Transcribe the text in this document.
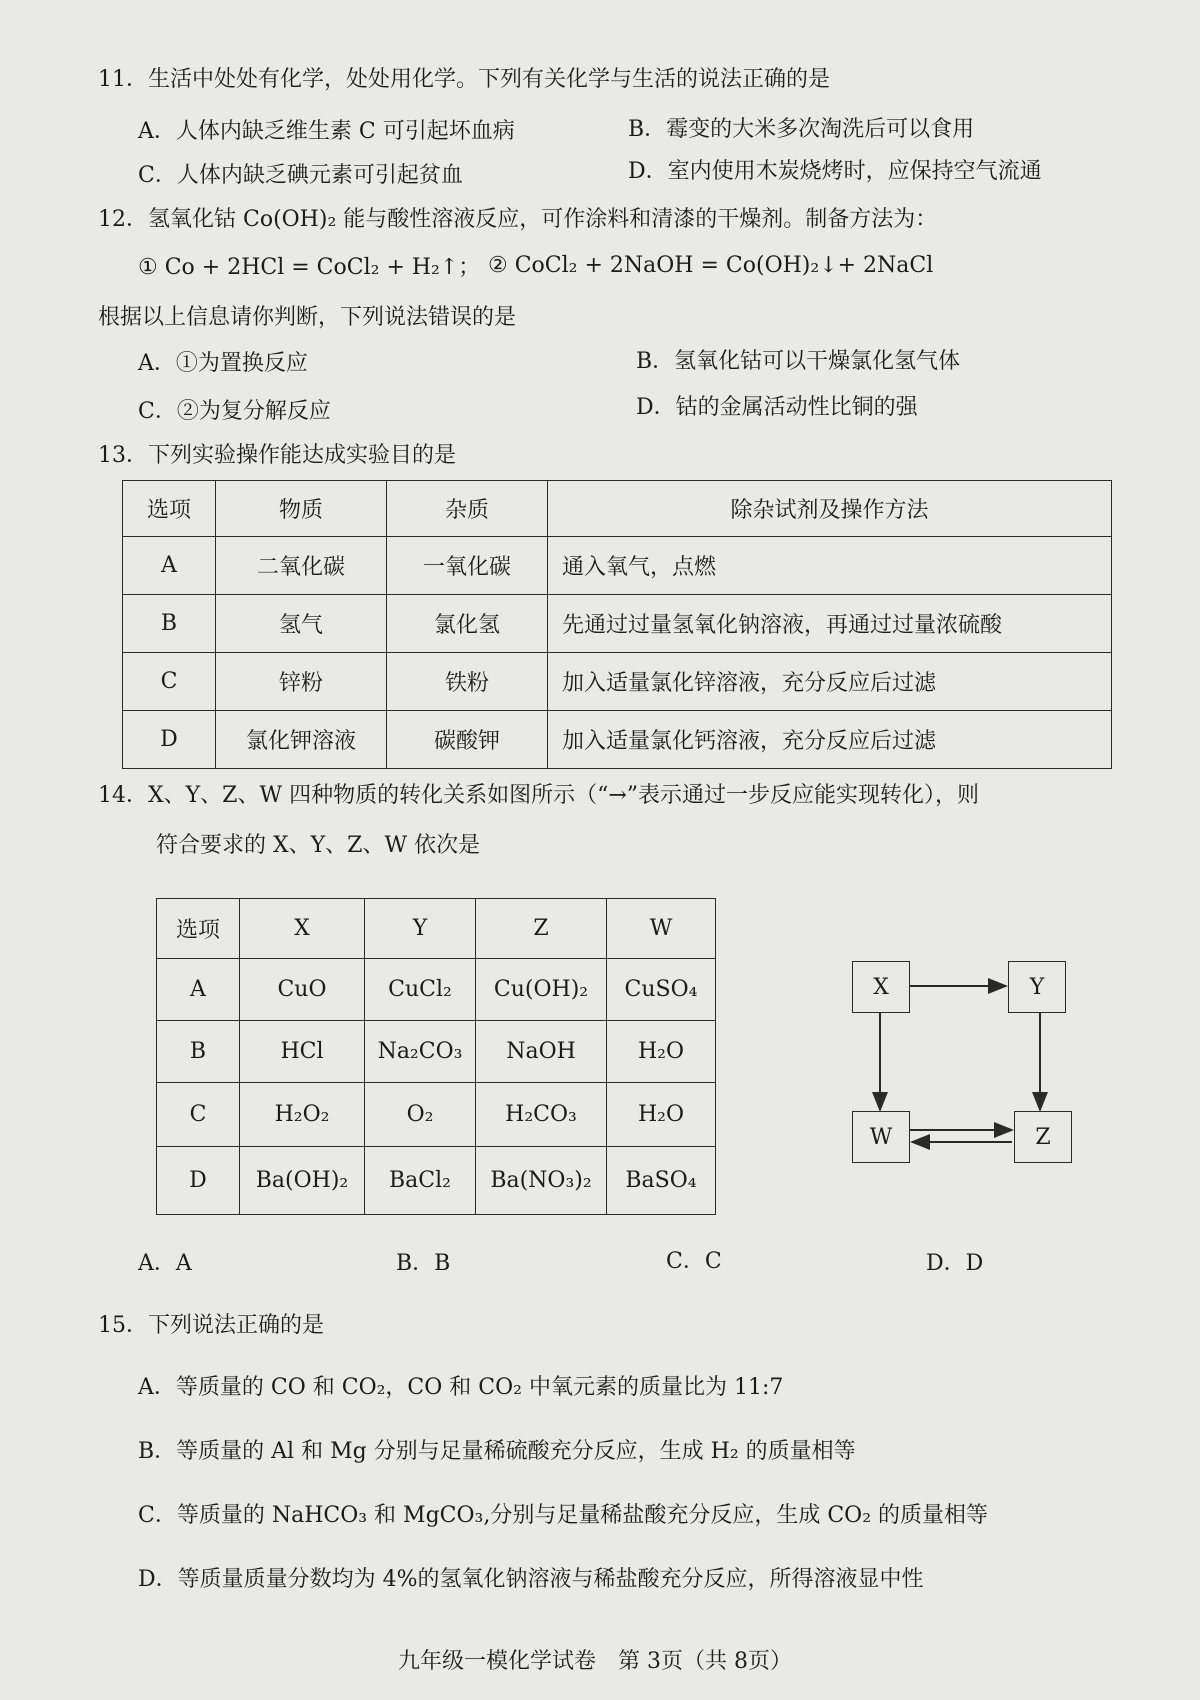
11．生活中处处有化学，处处用化学。下列有关化学与生活的说法正确的是
A．人体内缺乏维生素 C 可引起坏血病	B．霉变的大米多次淘洗后可以食用
C．人体内缺乏碘元素可引起贫血	D．室内使用木炭烧烤时，应保持空气流通
12．氢氧化钴 Co(OH)₂ 能与酸性溶液反应，可作涂料和清漆的干燥剂。制备方法为：
① Co + 2HCl = CoCl₂ + H₂↑； ② CoCl₂ + 2NaOH = Co(OH)₂↓+ 2NaCl
根据以上信息请你判断，下列说法错误的是
A．①为置换反应	B．氢氧化钴可以干燥氯化氢气体
C．②为复分解反应	D．钴的金属活动性比铜的强
13．下列实验操作能达成实验目的是
选项	物质	杂质	除杂试剂及操作方法
A	二氧化碳	一氧化碳	通入氧气，点燃
B	氢气	氯化氢	先通过过量氢氧化钠溶液，再通过过量浓硫酸
C	锌粉	铁粉	加入适量氯化锌溶液，充分反应后过滤
D	氯化钾溶液	碳酸钾	加入适量氯化钙溶液，充分反应后过滤
14．X、Y、Z、W 四种物质的转化关系如图所示（“→”表示通过一步反应能实现转化），则
符合要求的 X、Y、Z、W 依次是
选项	X	Y	Z	W
A	CuO	CuCl₂	Cu(OH)₂	CuSO₄
B	HCl	Na₂CO₃	NaOH	H₂O
C	H₂O₂	O₂	H₂CO₃	H₂O
D	Ba(OH)₂	BaCl₂	Ba(NO₃)₂	BaSO₄
X	Y
W	Z
A．A	B．B	C．C	D．D
15．下列说法正确的是
A．等质量的 CO 和 CO₂，CO 和 CO₂ 中氧元素的质量比为 11:7
B．等质量的 Al 和 Mg 分别与足量稀硫酸充分反应，生成 H₂ 的质量相等
C．等质量的 NaHCO₃ 和 MgCO₃,分别与足量稀盐酸充分反应，生成 CO₂ 的质量相等
D．等质量质量分数均为 4%的氢氧化钠溶液与稀盐酸充分反应，所得溶液显中性
九年级一模化学试卷　第 3页（共 8页）
